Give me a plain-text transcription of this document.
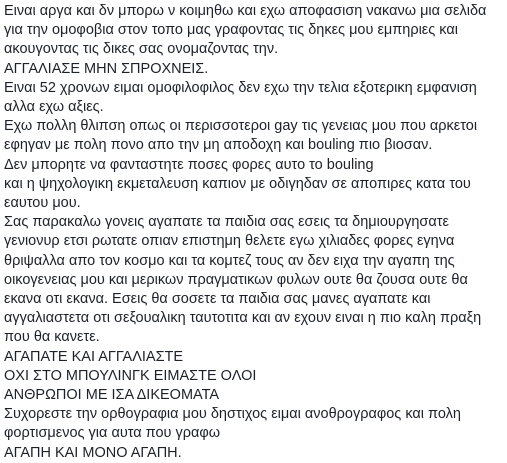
Ειναι αργα και δν μπορω ν κοιμηθω και εχω αποφασιση νακανω μια σελιδα για την ομοφοβια στον τοπο μας γραφοντας τις δηκες μου εμπηριες και ακουγοντας τις δικες σας ονομαζοντας την.

ΑΓΓΑΛΙΑΣΕ ΜΗΝ ΣΠΡΟΧΝΕΙΣ.

Ειναι 52 χρονων ειμαι ομοφιλοφιλος δεν εχω την τελια εξοτερικη εμφανιση αλλα εχω αξιες.

Εχω πολλη θλιπση οπως οι περισσοτεροι gay τις γενειας μου που αρκετοι εφηγαν με πολη πονο απο την μη αποδοχη και bouling πιο βιοσαν.

Δεν μπορητε να φανταστητε ποσες φορες αυτο το bouling

και η ψηχολογικη εκμεταλευση καπιον με οδιγηδαν σε αποπιρες κατα του εαυτου μου.

Σας παρακαλω γονεις αγαπατε τα παιδια σας εσεις τα δημιουργησατε γενιονυρ ετσι ρωτατε οπιαν επιστημη θελετε εγω χιλιαδες φορες εγηνα θριψαλλα απο τον κοσμο και τα κομτεζ τους αν δεν ειχα την αγαπη της οικογενειας μου και μερικων πραγματικων φυλων ουτε θα ζουσα ουτε θα εκανα οτι εκανα. Εσεις θα σοσετε τα παιδια σας μανες αγαπατε και αγγαλιαστετα οτι σεξουαλικη ταυτοτιτα και αν εχουν ειναι η πιο καλη πραξη που θα κανετε.

ΑΓΑΠΑΤΕ ΚΑΙ ΑΓΓΑΛΙΑΣΤΕ

ΟΧΙ ΣΤΟ ΜΠΟΥΛΙΝΓΚ ΕΙΜΑΣΤΕ ΟΛΟΙ

ΑΝΘΡΩΠΟΙ ΜΕ ΙΣΑ ΔΙΚΕΟΜΑΤΑ

Συχορεστε την ορθογραφια μου δηστιχος ειμαι ανοθρογραφος και πολη φορτισμενος για αυτα που γραφω

ΑΓΑΠΗ ΚΑΙ ΜΟΝΟ ΑΓΑΠΗ.
